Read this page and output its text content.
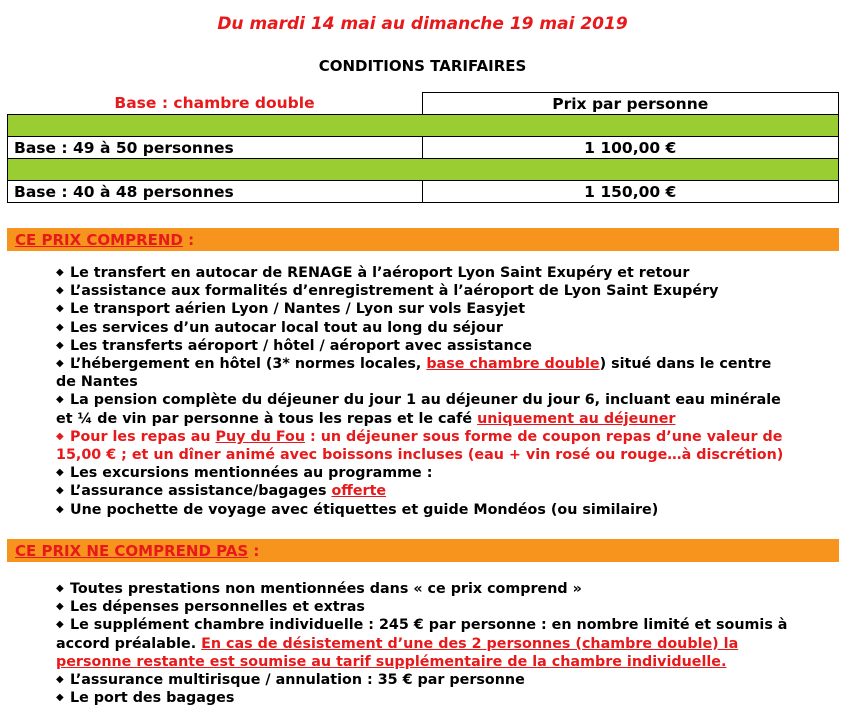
Du mardi 14 mai au dimanche 19 mai 2019
CONDITIONS TARIFAIRES
Base : chambre double	Prix par personne

Base : 49 à 50 personnes	1 100,00 €

Base : 40 à 48 personnes	1 150,00 €
CE PRIX COMPREND :
◆ Le transfert en autocar de RENAGE à l’aéroport Lyon Saint Exupéry et retour
◆ L’assistance aux formalités d’enregistrement à l’aéroport de Lyon Saint Exupéry
◆ Le transport aérien Lyon / Nantes / Lyon sur vols Easyjet
◆ Les services d’un autocar local tout au long du séjour
◆ Les transferts aéroport / hôtel / aéroport avec assistance
◆ L’hébergement en hôtel (3* normes locales, base chambre double) situé dans le centre
de Nantes
◆ La pension complète du déjeuner du jour 1 au déjeuner du jour 6, incluant eau minérale
et ¼ de vin par personne à tous les repas et le café uniquement au déjeuner
◆ Pour les repas au Puy du Fou : un déjeuner sous forme de coupon repas d’une valeur de
15,00 € ; et un dîner animé avec boissons incluses (eau + vin rosé ou rouge…à discrétion)
◆ Les excursions mentionnées au programme :
◆ L’assurance assistance/bagages offerte
◆ Une pochette de voyage avec étiquettes et guide Mondéos (ou similaire)
CE PRIX NE COMPREND PAS :
◆ Toutes prestations non mentionnées dans « ce prix comprend »
◆ Les dépenses personnelles et extras
◆ Le supplément chambre individuelle : 245 € par personne : en nombre limité et soumis à
accord préalable. En cas de désistement d’une des 2 personnes (chambre double) la
personne restante est soumise au tarif supplémentaire de la chambre individuelle.
◆ L’assurance multirisque / annulation : 35 € par personne
◆ Le port des bagages
